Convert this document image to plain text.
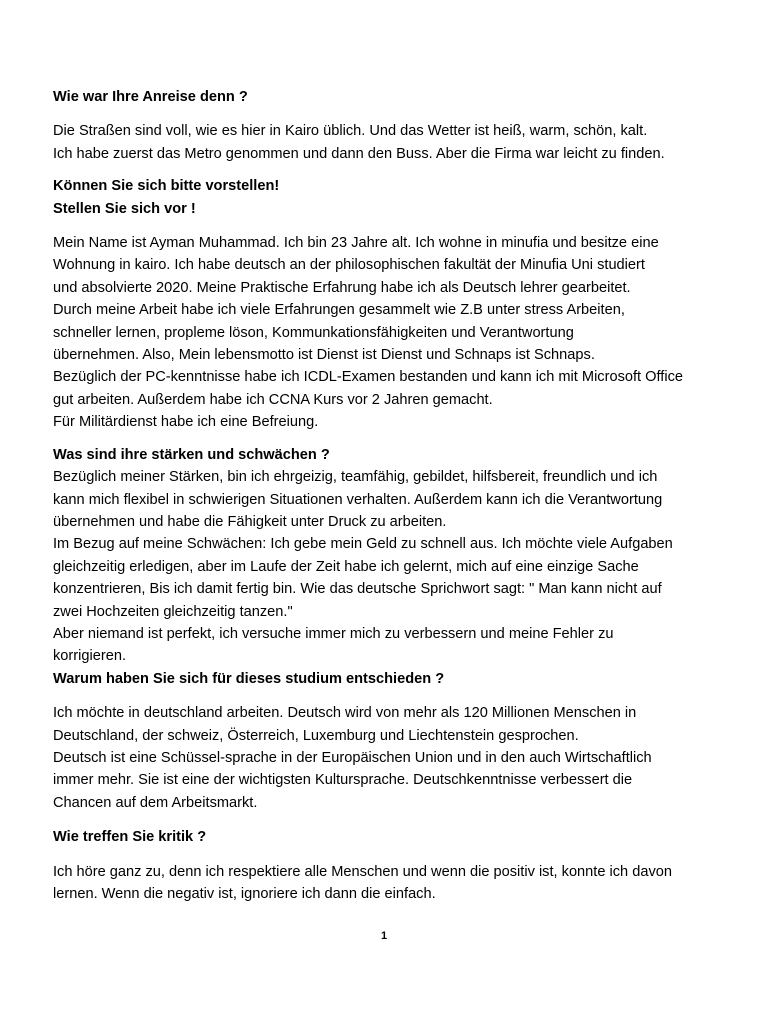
Wie war Ihre Anreise denn ?
Die Straßen sind voll, wie es hier in Kairo üblich. Und das Wetter ist heiß, warm, schön, kalt.
Ich habe zuerst das Metro genommen und dann den Buss. Aber die Firma war leicht zu finden.
Können Sie sich bitte vorstellen!
Stellen Sie sich vor !
Mein Name ist Ayman Muhammad. Ich bin 23 Jahre alt. Ich wohne in minufia und besitze eine
Wohnung in kairo. Ich habe deutsch an der philosophischen fakultät der Minufia Uni studiert
und absolvierte 2020. Meine Praktische Erfahrung habe ich als Deutsch lehrer gearbeitet.
Durch meine Arbeit habe ich viele Erfahrungen gesammelt wie Z.B unter stress Arbeiten,
schneller lernen, propleme löson, Kommunkationsfähigkeiten und Verantwortung
übernehmen. Also, Mein lebensmotto ist Dienst ist Dienst und Schnaps ist Schnaps.
Bezüglich der PC-kenntnisse habe ich ICDL-Examen bestanden und kann ich mit Microsoft Office
gut arbeiten. Außerdem habe ich CCNA Kurs vor 2 Jahren gemacht.
Für Militärdienst habe ich eine Befreiung.
Was sind ihre stärken und schwächen ?
Bezüglich meiner Stärken, bin ich ehrgeizig, teamfähig, gebildet, hilfsbereit, freundlich und ich
kann mich flexibel in schwierigen Situationen verhalten. Außerdem kann ich die Verantwortung
übernehmen und habe die Fähigkeit unter Druck zu arbeiten.
Im Bezug auf meine Schwächen: Ich gebe mein Geld zu schnell aus. Ich möchte viele Aufgaben
gleichzeitig erledigen, aber im Laufe der Zeit habe ich gelernt, mich auf eine einzige Sache
konzentrieren, Bis ich damit fertig bin. Wie das deutsche Sprichwort sagt: " Man kann nicht auf
zwei Hochzeiten gleichzeitig tanzen."
Aber niemand ist perfekt, ich versuche immer mich zu verbessern und meine Fehler zu
korrigieren.
Warum haben Sie sich für dieses studium entschieden ?
Ich möchte in deutschland arbeiten. Deutsch wird von mehr als 120 Millionen Menschen in
Deutschland, der schweiz, Österreich, Luxemburg und Liechtenstein gesprochen.
Deutsch ist eine Schüssel-sprache in der Europäischen Union und in den auch Wirtschaftlich
immer mehr. Sie ist eine der wichtigsten Kultursprache. Deutschkenntnisse verbessert die
Chancen auf dem Arbeitsmarkt.
Wie treffen Sie kritik ?
Ich höre ganz zu, denn ich respektiere alle Menschen und wenn die positiv ist, konnte ich davon
lernen. Wenn die negativ ist, ignoriere ich dann die einfach.
1
